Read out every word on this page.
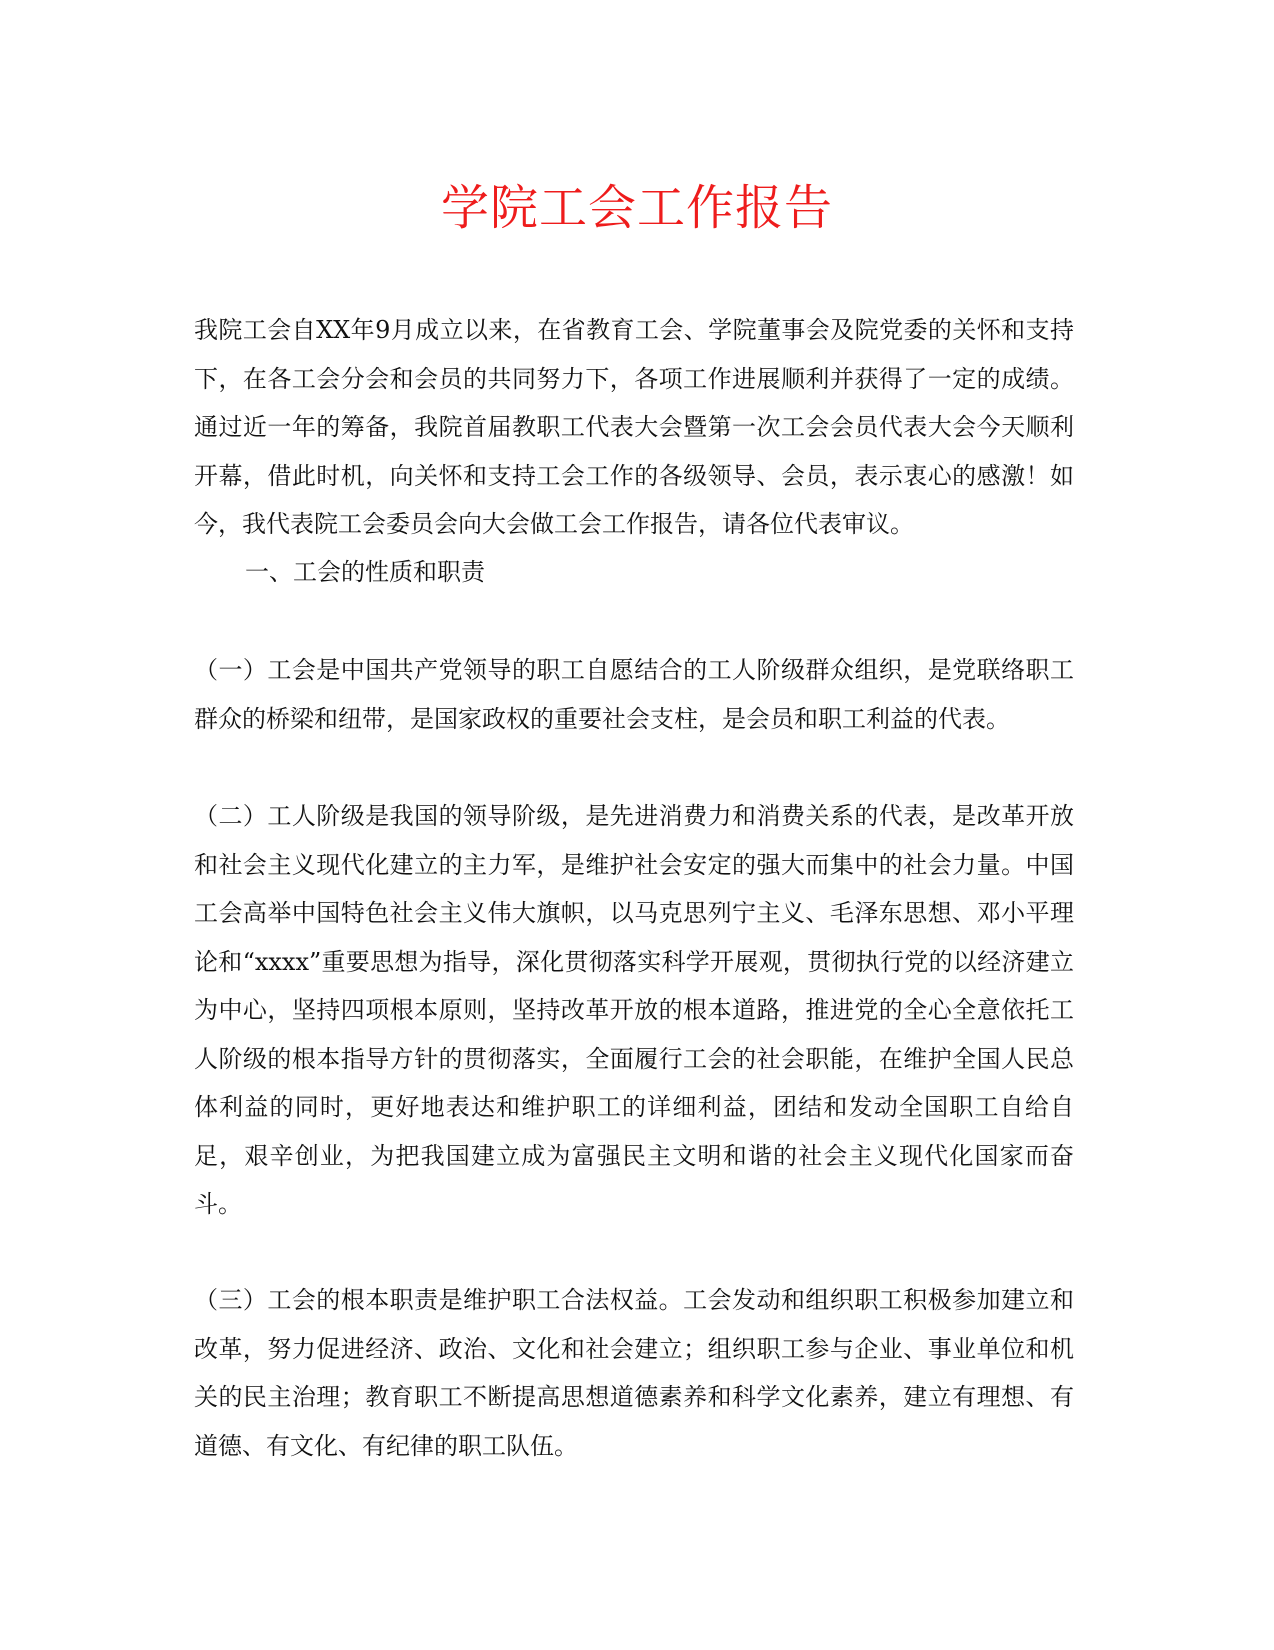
学院工会工作报告

我院工会自XX年9月成立以来，在省教育工会、学院董事会及院党委的关怀和支持下，在各工会分会和会员的共同努力下，各项工作进展顺利并获得了一定的成绩。通过近一年的筹备，我院首届教职工代表大会暨第一次工会会员代表大会今天顺利开幕，借此时机，向关怀和支持工会工作的各级领导、会员，表示衷心的感激！如今，我代表院工会委员会向大会做工会工作报告，请各位代表审议。

一、工会的性质和职责

（一）工会是中国共产党领导的职工自愿结合的工人阶级群众组织，是党联络职工群众的桥梁和纽带，是国家政权的重要社会支柱，是会员和职工利益的代表。

（二）工人阶级是我国的领导阶级，是先进消费力和消费关系的代表，是改革开放和社会主义现代化建立的主力军，是维护社会安定的强大而集中的社会力量。中国工会高举中国特色社会主义伟大旗帜，以马克思列宁主义、毛泽东思想、邓小平理论和“xxxx”重要思想为指导，深化贯彻落实科学开展观，贯彻执行党的以经济建立为中心，坚持四项根本原则，坚持改革开放的根本道路，推进党的全心全意依托工人阶级的根本指导方针的贯彻落实，全面履行工会的社会职能，在维护全国人民总体利益的同时，更好地表达和维护职工的详细利益，团结和发动全国职工自给自足，艰辛创业，为把我国建立成为富强民主文明和谐的社会主义现代化国家而奋斗。

（三）工会的根本职责是维护职工合法权益。工会发动和组织职工积极参加建立和改革，努力促进经济、政治、文化和社会建立；组织职工参与企业、事业单位和机关的民主治理；教育职工不断提高思想道德素养和科学文化素养，建立有理想、有道德、有文化、有纪律的职工队伍。
